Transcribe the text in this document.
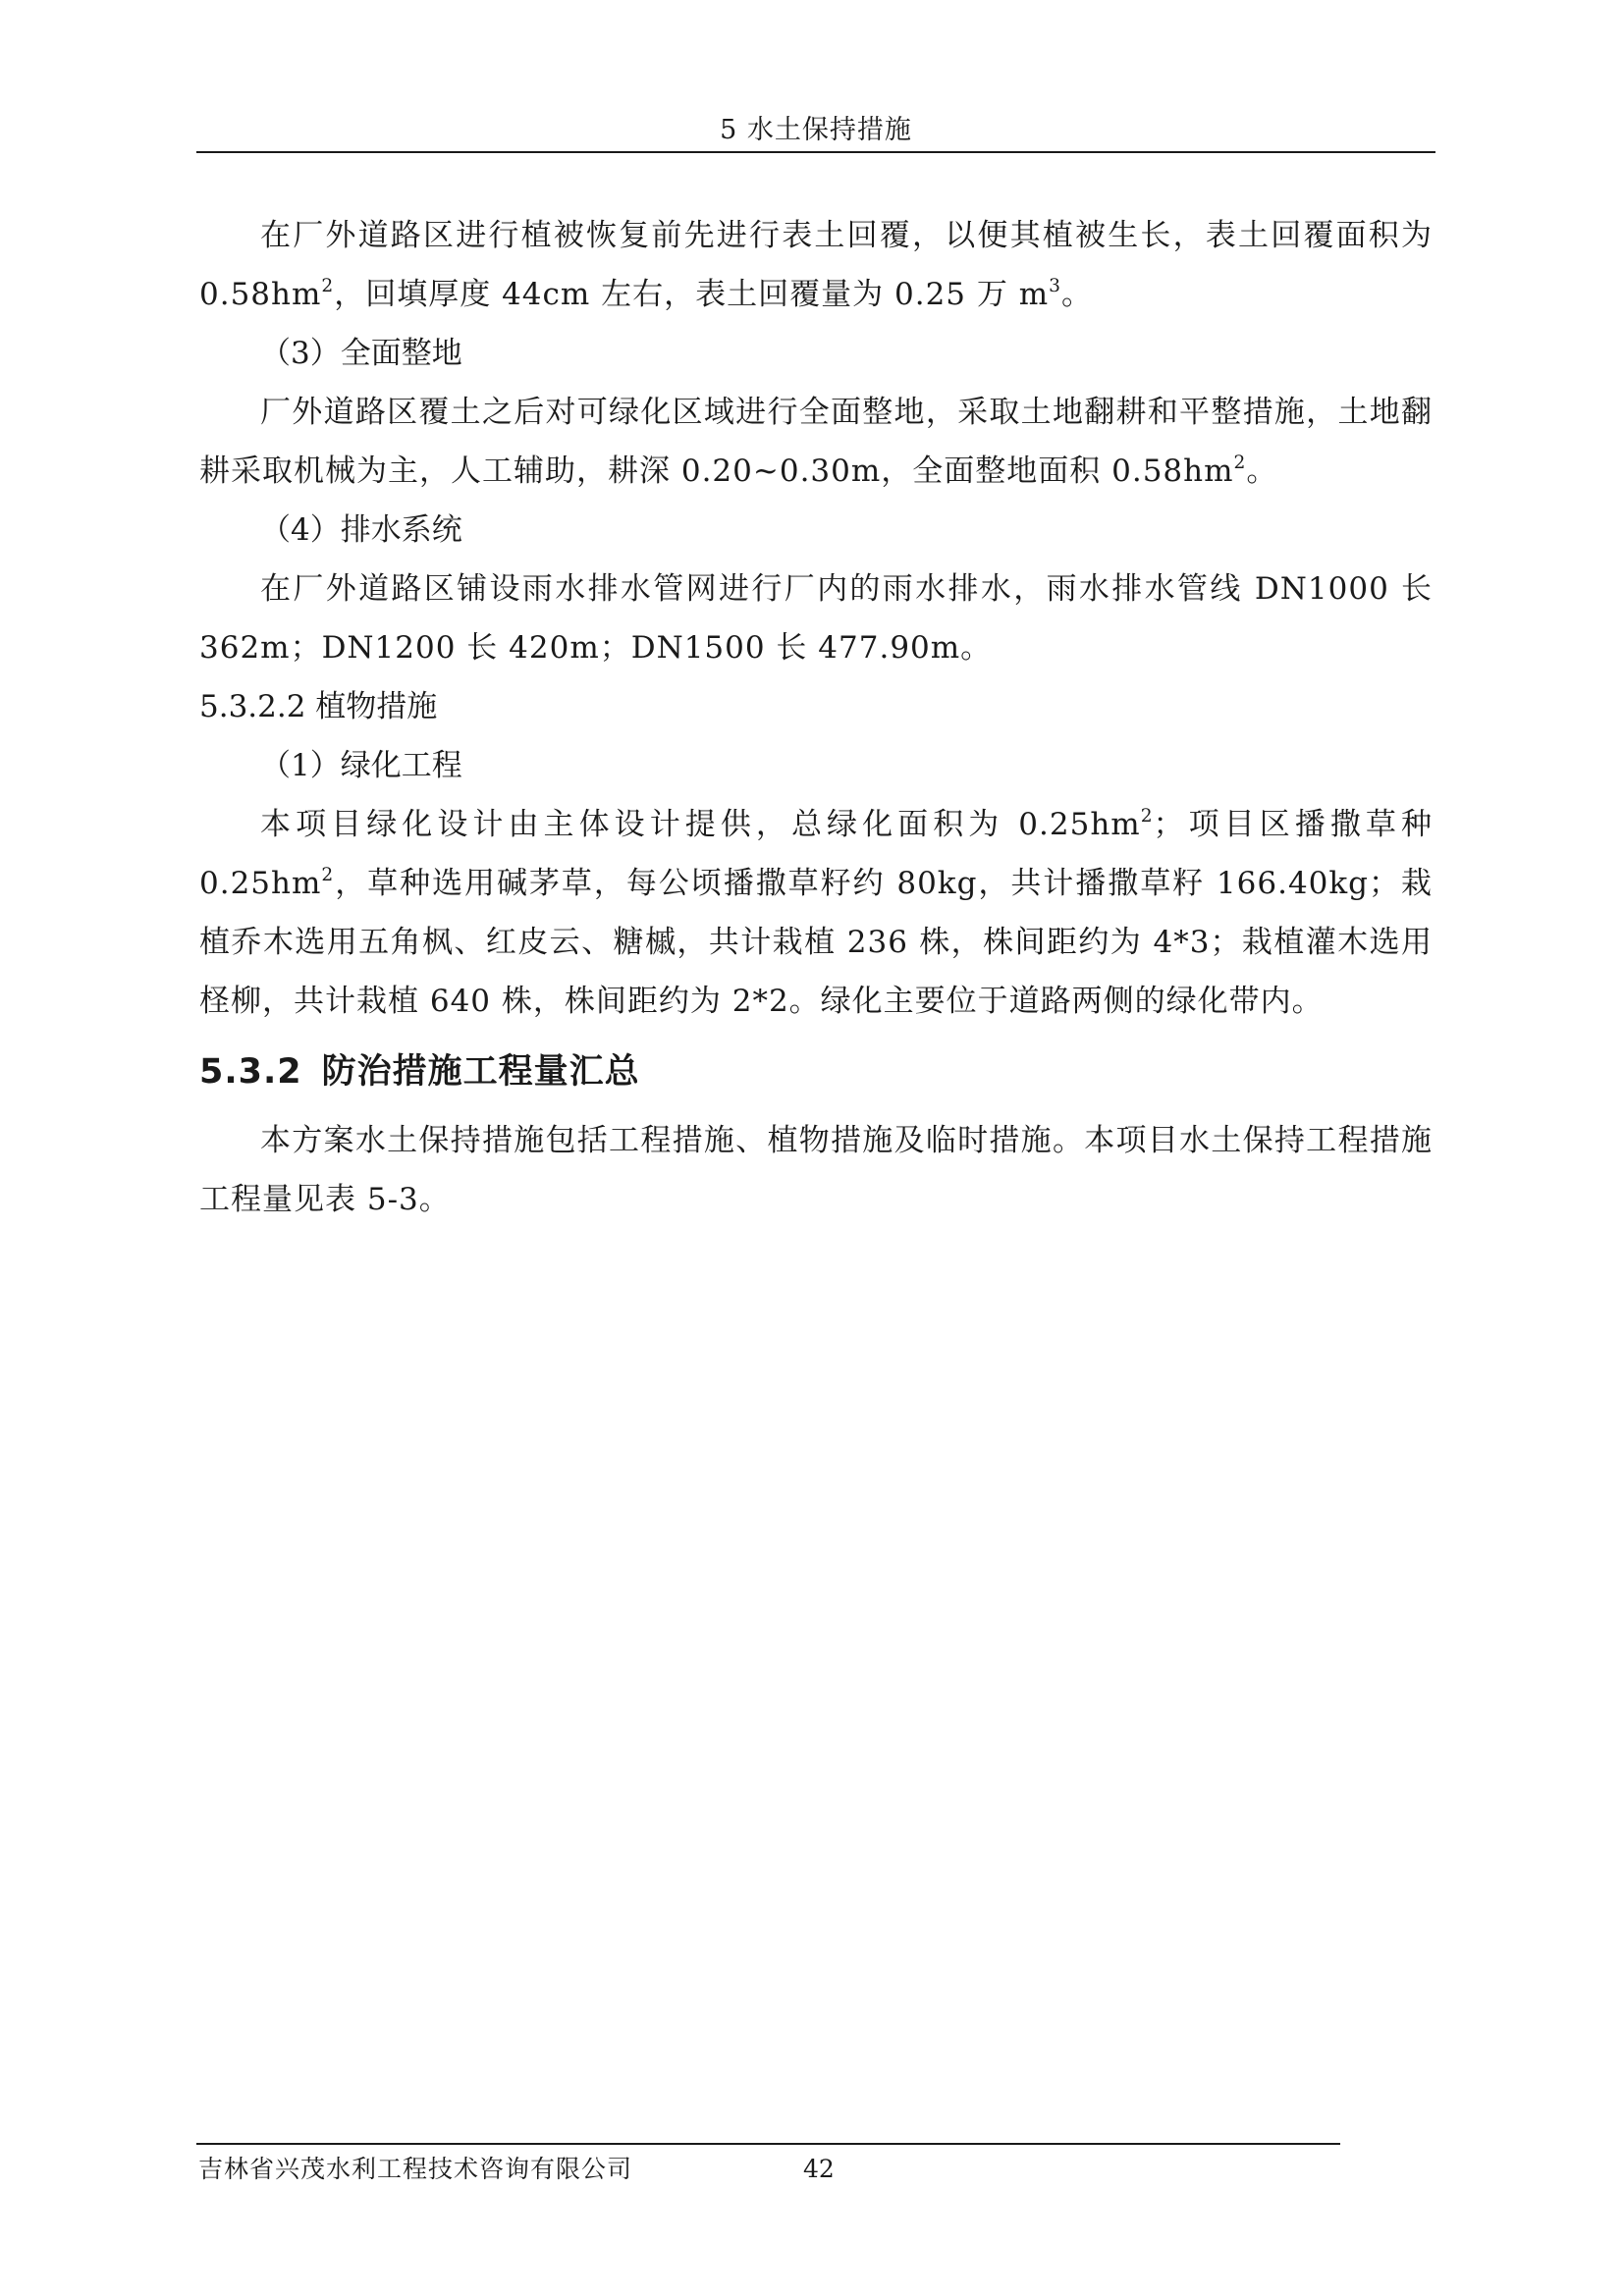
5 水土保持措施

在厂外道路区进行植被恢复前先进行表土回覆，以便其植被生长，表土回覆面积为 $0.58hm^2$，回填厚度 44cm 左右，表土回覆量为 0.25 万 $m^3$。

（3）全面整地

厂外道路区覆土之后对可绿化区域进行全面整地，采取土地翻耕和平整措施，土地翻耕采取机械为主，人工辅助，耕深 0.20~0.30m，全面整地面积 $0.58hm^2$。

（4）排水系统

在厂外道路区铺设雨水排水管网进行厂内的雨水排水，雨水排水管线 DN1000 长 362m；DN1200 长 420m；DN1500 长 477.90m。

5.3.2.2 植物措施

（1）绿化工程

本项目绿化设计由主体设计提供，总绿化面积为 $0.25hm^2$；项目区播撒草种 $0.25hm^2$，草种选用碱茅草，每公顷播撒草籽约 80kg，共计播撒草籽 166.40kg；栽植乔木选用五角枫、红皮云、糖槭，共计栽植 236 株，株间距约为 4*3；栽植灌木选用柽柳，共计栽植 640 株，株间距约为 2*2。绿化主要位于道路两侧的绿化带内。

5.3.2 防治措施工程量汇总

本方案水土保持措施包括工程措施、植物措施及临时措施。本项目水土保持工程措施工程量见表 5-3。

吉林省兴茂水利工程技术咨询有限公司	42
